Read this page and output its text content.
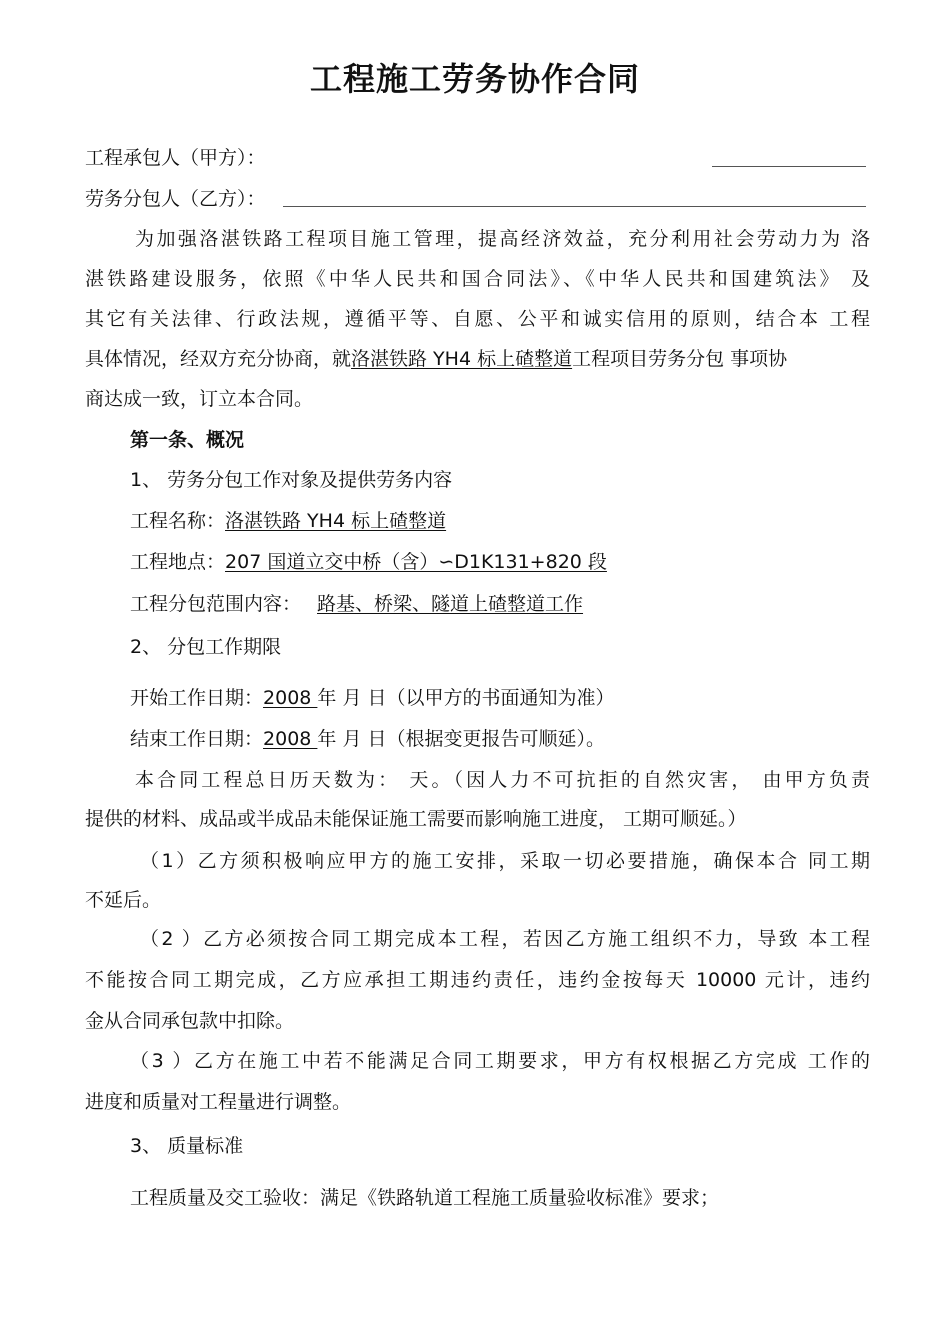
工程施工劳务协作合同
工程承包人（甲方）：
劳务分包人（乙方）：
为加强洛湛铁路工程项目施工管理，提高经济效益，充分利用社会劳动力为 洛
湛铁路建设服务，依照《中华人民共和国合同法》、《中华人民共和国建筑法》 及
其它有关法律、行政法规，遵循平等、自愿、公平和诚实信用的原则，结合本 工程
具体情况，经双方充分协商，就洛湛铁路 YH4 标上碴整道工程项目劳务分包 事项协
商达成一致，订立本合同。
第一条、概况
1、 劳务分包工作对象及提供劳务内容
工程名称：洛湛铁路 YH4 标上碴整道
工程地点：207 国道立交中桥（含）∽D1K131+820 段
工程分包范围内容： 路基、桥梁、隧道上碴整道工作
2、 分包工作期限
开始工作日期：2008 年 月 日（以甲方的书面通知为准）
结束工作日期：2008 年 月 日（根据变更报告可顺延）。
本合同工程总日历天数为： 天。（因人力不可抗拒的自然灾害， 由甲方负责
提供的材料、成品或半成品未能保证施工需要而影响施工进度， 工期可顺延。）
（1）乙方须积极响应甲方的施工安排，采取一切必要措施，确保本合 同工期
不延后。
（2 ）乙方必须按合同工期完成本工程，若因乙方施工组织不力，导致 本工程
不能按合同工期完成，乙方应承担工期违约责任，违约金按每天 10000 元计，违约
金从合同承包款中扣除。
（3 ）乙方在施工中若不能满足合同工期要求，甲方有权根据乙方完成 工作的
进度和质量对工程量进行调整。
3、 质量标准
工程质量及交工验收：满足《铁路轨道工程施工质量验收标准》要求；
